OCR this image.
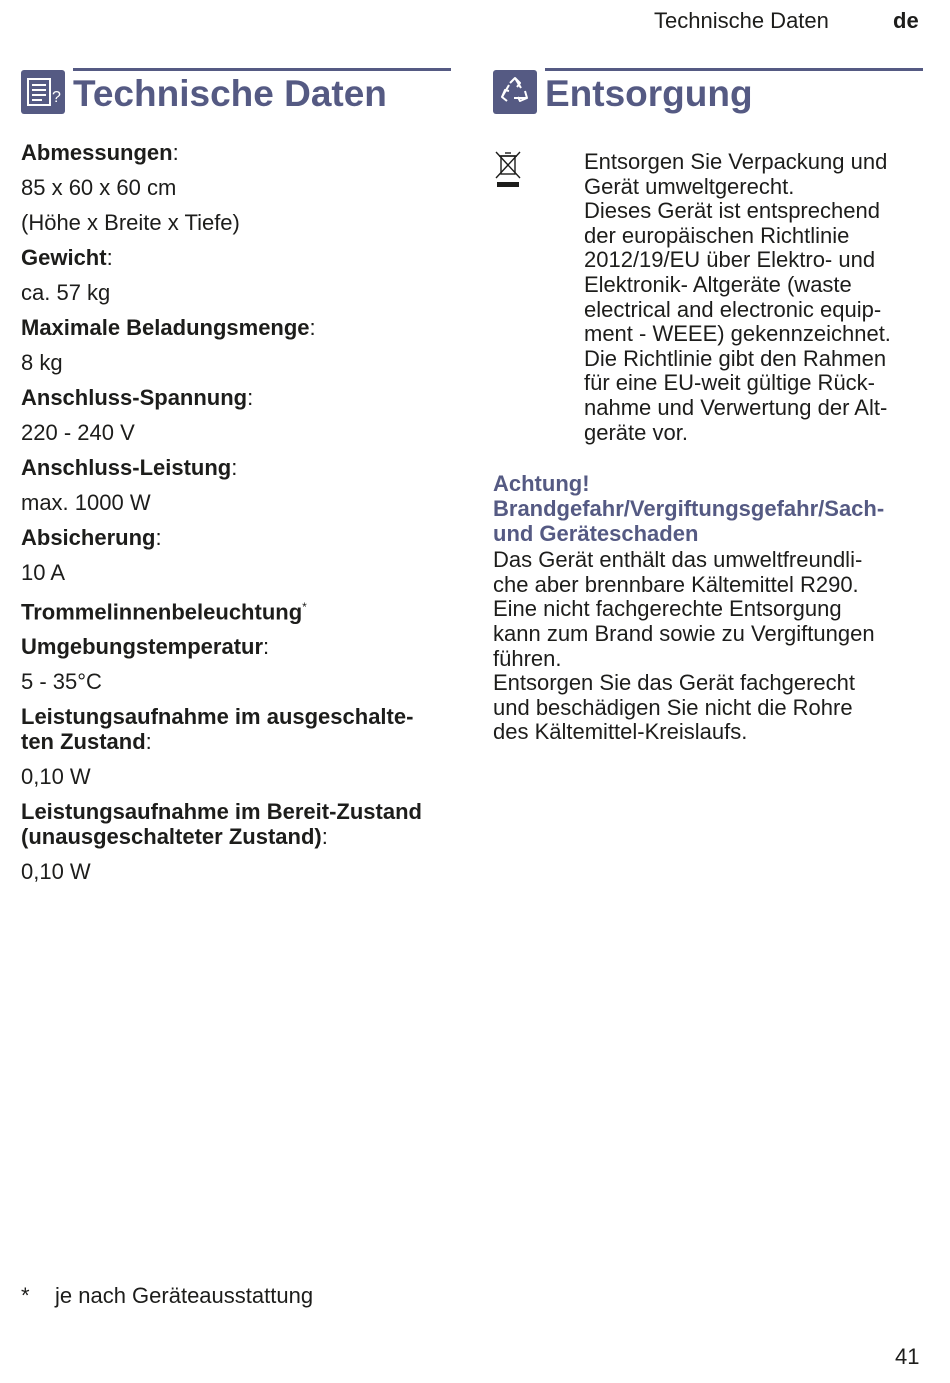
Technische Daten	de
? Technische Daten
Abmessungen:
85 x 60 x 60 cm
(Höhe x Breite x Tiefe)
Gewicht:
ca. 57 kg
Maximale Beladungsmenge:
8 kg
Anschluss-Spannung:
220 - 240 V
Anschluss-Leistung:
max. 1000 W
Absicherung:
10 A
Trommelinnenbeleuchtung*
Umgebungstemperatur:
5 - 35°C
Leistungsaufnahme im ausgeschalte-
ten Zustand:
0,10 W
Leistungsaufnahme im Bereit-Zustand
(unausgeschalteter Zustand):
0,10 W
Entsorgung
Entsorgen Sie Verpackung und
Gerät umweltgerecht.
Dieses Gerät ist entsprechend
der europäischen Richtlinie
2012/19/EU über Elektro- und
Elektronik- Altgeräte (waste
electrical and electronic equip-
ment - WEEE) gekennzeichnet.
Die Richtlinie gibt den Rahmen
für eine EU-weit gültige Rück-
nahme und Verwertung der Alt-
geräte vor.
Achtung!
Brandgefahr/Vergiftungsgefahr/Sach-
und Geräteschaden
Das Gerät enthält das umweltfreundli-
che aber brennbare Kältemittel R290.
Eine nicht fachgerechte Entsorgung
kann zum Brand sowie zu Vergiftungen
führen.
Entsorgen Sie das Gerät fachgerecht
und beschädigen Sie nicht die Rohre
des Kältemittel-Kreislaufs.
* je nach Geräteausstattung
41
